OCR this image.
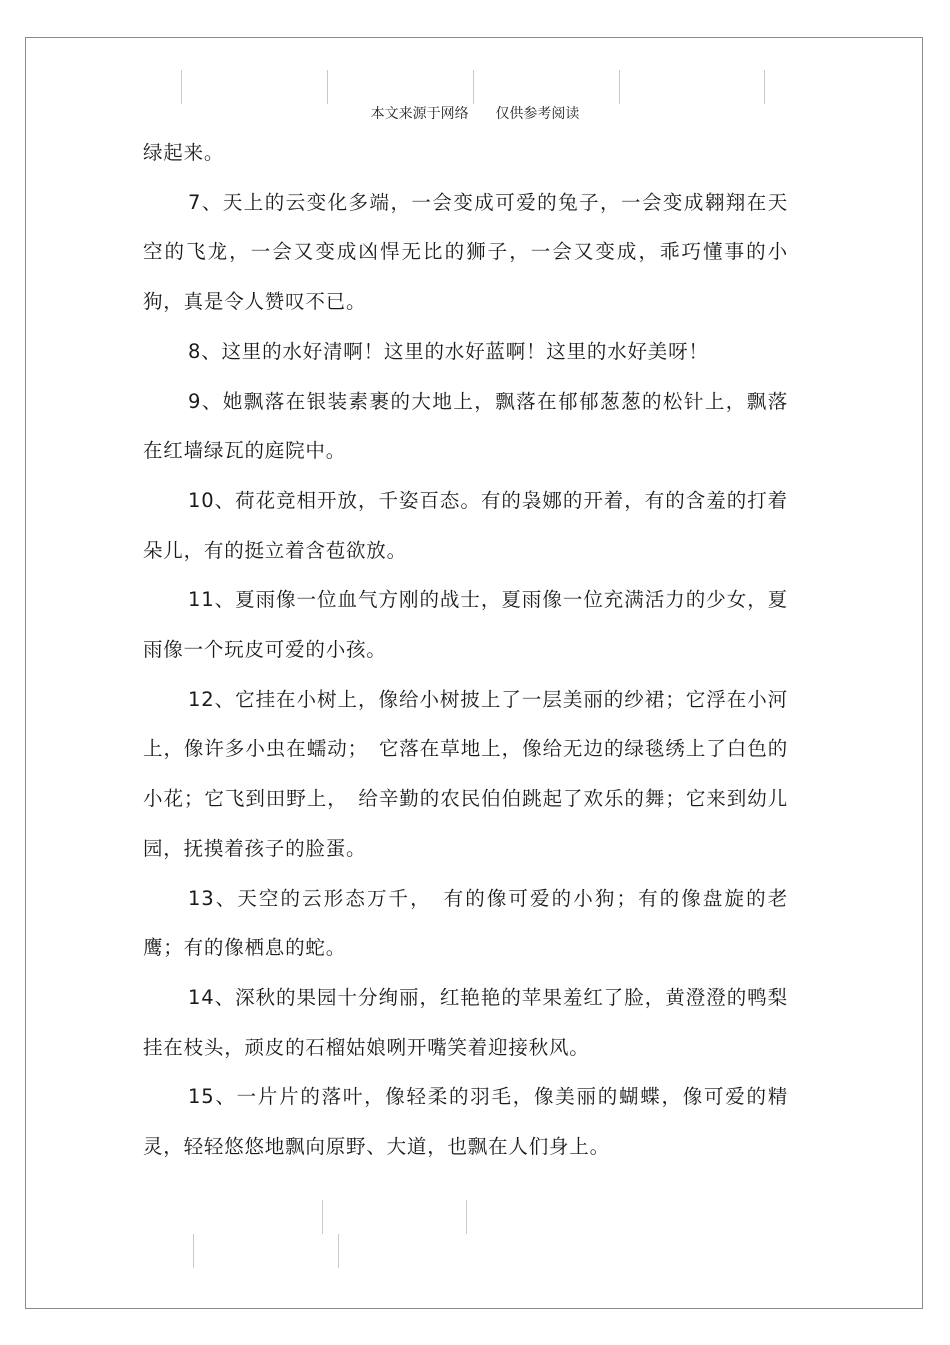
本文来源于网络      仅供参考阅读

绿起来。

7、天上的云变化多端，一会变成可爱的兔子，一会变成翱翔在天空的飞龙，一会又变成凶悍无比的狮子，一会又变成，乖巧懂事的小狗，真是令人赞叹不已。

8、这里的水好清啊！这里的水好蓝啊！这里的水好美呀！

9、她飘落在银装素裹的大地上，飘落在郁郁葱葱的松针上，飘落在红墙绿瓦的庭院中。

10、荷花竞相开放，千姿百态。有的袅娜的开着，有的含羞的打着朵儿，有的挺立着含苞欲放。

11、夏雨像一位血气方刚的战士，夏雨像一位充满活力的少女，夏雨像一个玩皮可爱的小孩。

12、它挂在小树上，像给小树披上了一层美丽的纱裙；它浮在小河上，像许多小虫在蠕动；　它落在草地上，像给无边的绿毯绣上了白色的小花；它飞到田野上，　给辛勤的农民伯伯跳起了欢乐的舞；它来到幼儿园，抚摸着孩子的脸蛋。

13、天空的云形态万千，　有的像可爱的小狗；有的像盘旋的老鹰；有的像栖息的蛇。

14、深秋的果园十分绚丽，红艳艳的苹果羞红了脸，黄澄澄的鸭梨挂在枝头，顽皮的石榴姑娘咧开嘴笑着迎接秋风。

15、一片片的落叶，像轻柔的羽毛，像美丽的蝴蝶，像可爱的精灵，轻轻悠悠地飘向原野、大道，也飘在人们身上。
